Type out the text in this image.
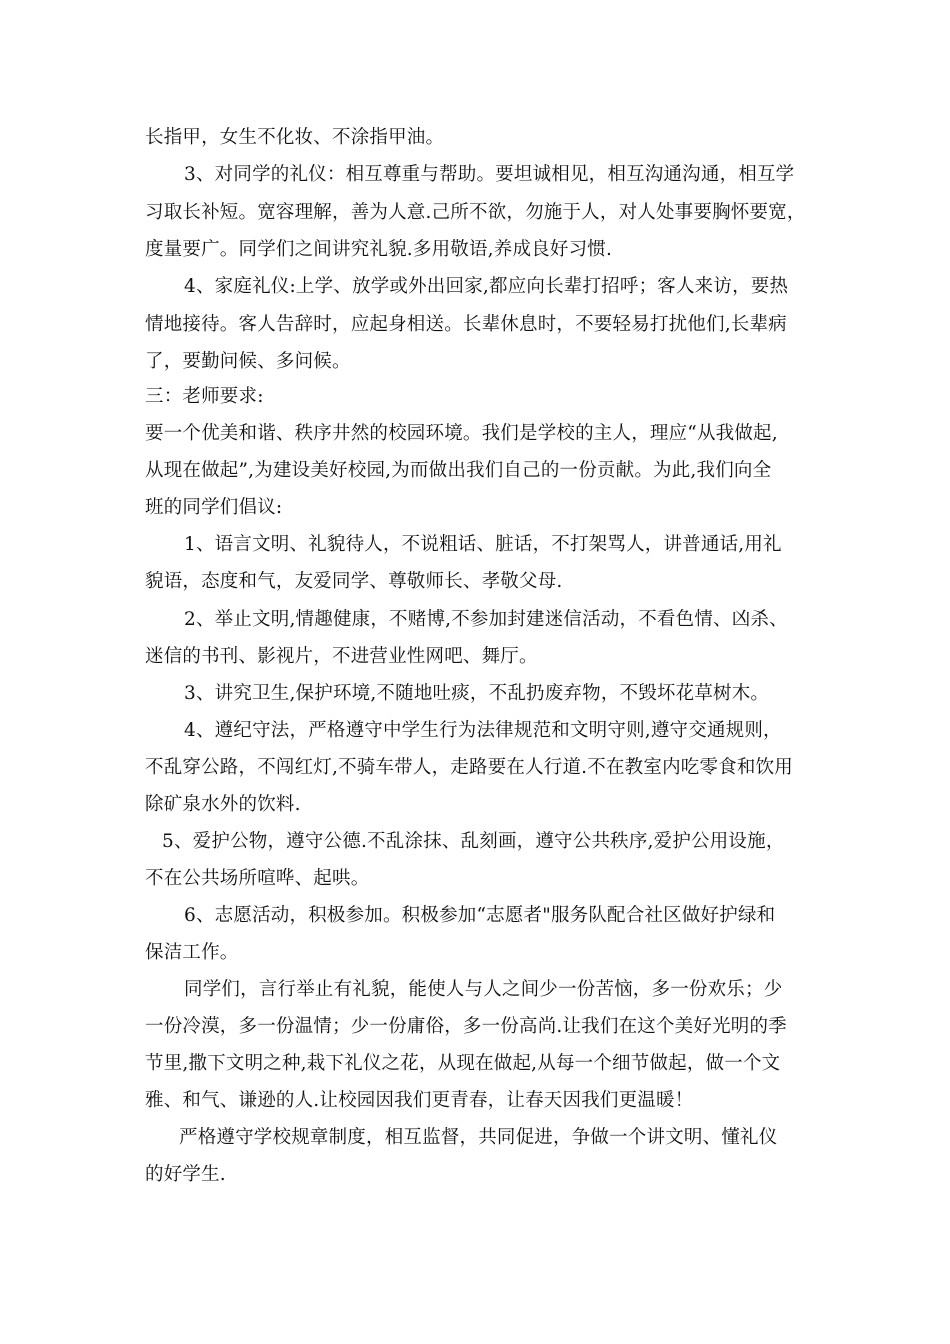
长指甲，女生不化妆、不涂指甲油。
3、对同学的礼仪：相互尊重与帮助。要坦诚相见，相互沟通沟通，相互学
习取长补短。宽容理解，善为人意.己所不欲，勿施于人，对人处事要胸怀要宽，
度量要广。同学们之间讲究礼貌.多用敬语,养成良好习惯.
4、家庭礼仪:上学、放学或外出回家,都应向长辈打招呼；客人来访，要热
情地接待。客人告辞时，应起身相送。长辈休息时，不要轻易打扰他们,长辈病
了，要勤问候、多问候。
三：老师要求:
要一个优美和谐、秩序井然的校园环境。我们是学校的主人，理应“从我做起,
从现在做起”,为建设美好校园,为而做出我们自己的一份贡献。为此,我们向全
班的同学们倡议:
1、语言文明、礼貌待人，不说粗话、脏话，不打架骂人，讲普通话,用礼
貌语，态度和气，友爱同学、尊敬师长、孝敬父母.
2、举止文明,情趣健康，不赌博,不参加封建迷信活动，不看色情、凶杀、
迷信的书刊、影视片，不进营业性网吧、舞厅。
3、讲究卫生,保护环境,不随地吐痰，不乱扔废弃物，不毁坏花草树木。
4、遵纪守法，严格遵守中学生行为法律规范和文明守则,遵守交通规则，
不乱穿公路，不闯红灯,不骑车带人，走路要在人行道.不在教室内吃零食和饮用
除矿泉水外的饮料.
5、爱护公物，遵守公德.不乱涂抹、乱刻画，遵守公共秩序,爱护公用设施，
不在公共场所喧哗、起哄。
6、志愿活动，积极参加。积极参加“志愿者"服务队配合社区做好护绿和
保洁工作。
同学们，言行举止有礼貌，能使人与人之间少一份苦恼，多一份欢乐；少
一份冷漠，多一份温情；少一份庸俗，多一份高尚.让我们在这个美好光明的季
节里,撒下文明之种,栽下礼仪之花，从现在做起,从每一个细节做起，做一个文
雅、和气、谦逊的人.让校园因我们更青春，让春天因我们更温暖！
严格遵守学校规章制度，相互监督，共同促进，争做一个讲文明、懂礼仪
的好学生.
